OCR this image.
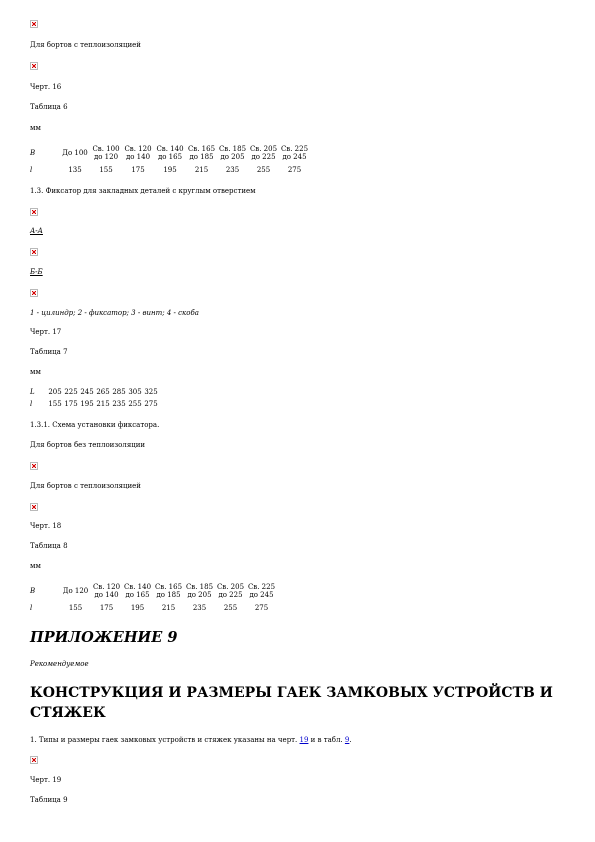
Для бортов с теплоизоляцией
Черт. 16
Таблица 6
мм
B	До 100	Св. 100 до 120	Св. 120 до 140	Св. 140 до 165	Св. 165 до 185	Св. 185 до 205	Св. 205 до 225	Св. 225 до 245
l	135	155	175	195	215	235	255	275
1.3. Фиксатор для закладных деталей с круглым отверстием
А-А
Б-Б
1 - цилиндр; 2 - фиксатор; 3 - винт; 4 - скоба
Черт. 17
Таблица 7
мм
L	205	225	245	265	285	305	325
l	155	175	195	215	235	255	275
1.3.1. Схема установки фиксатора.
Для бортов без теплоизоляции
Для бортов с теплоизоляцией
Черт. 18
Таблица 8
мм
B	До 120	Св. 120 до 140	Св. 140 до 165	Св. 165 до 185	Св. 185 до 205	Св. 205 до 225	Св. 225 до 245
l	155	175	195	215	235	255	275
ПРИЛОЖЕНИЕ 9
Рекомендуемое
КОНСТРУКЦИЯ И РАЗМЕРЫ ГАЕК ЗАМКОВЫХ УСТРОЙСТВ И СТЯЖЕК
1. Типы и размеры гаек замковых устройств и стяжек указаны на черт. 19 и в табл. 9.
Черт. 19
Таблица 9
